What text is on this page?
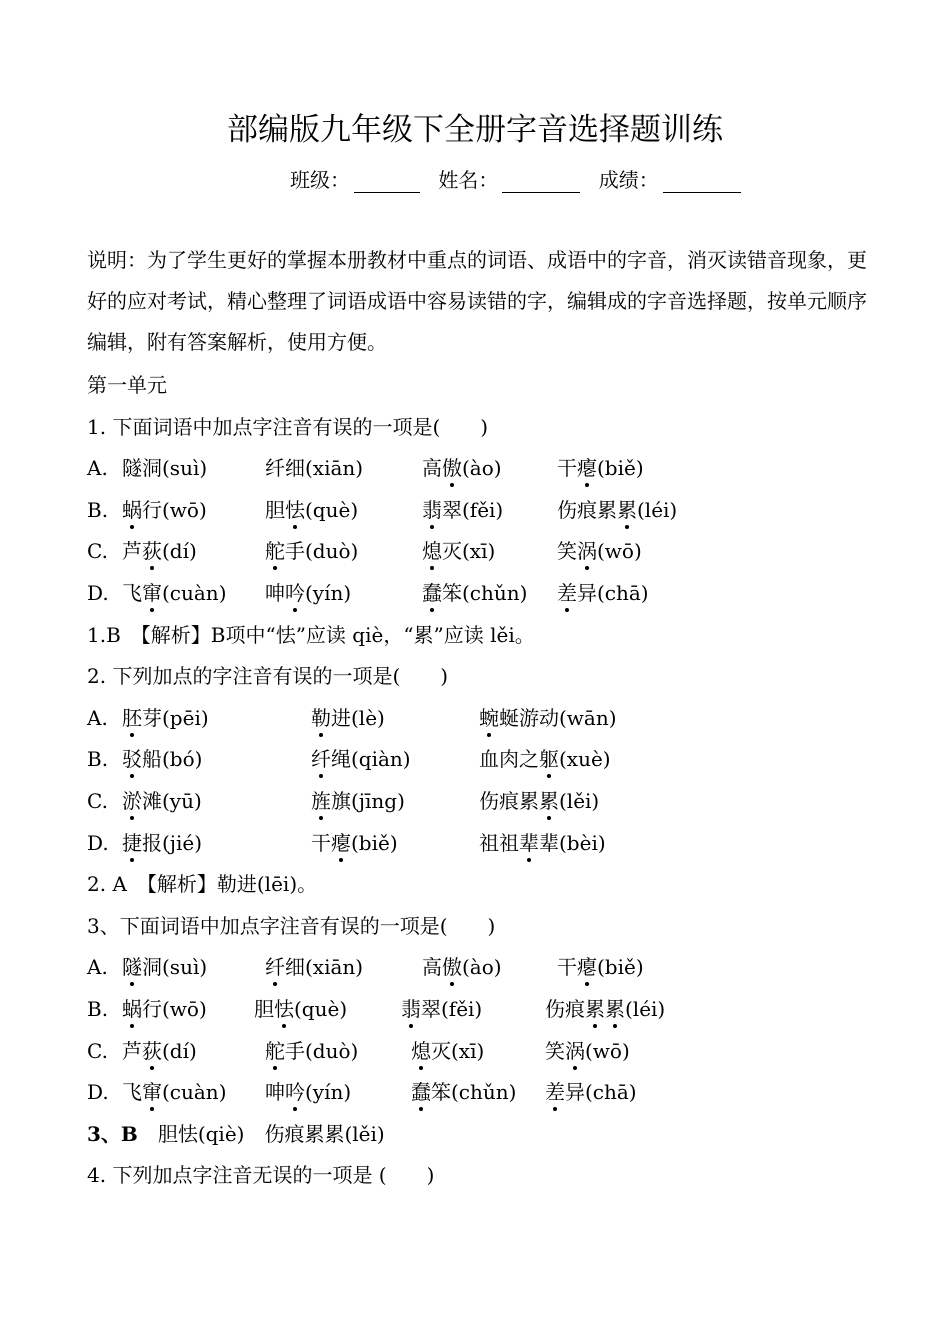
部编版九年级下全册字音选择题训练
班级：	姓名：	成绩：
说明：为了学生更好的掌握本册教材中重点的词语、成语中的字音，消灭读错音现象，更好的应对考试，精心整理了词语成语中容易读错的字，编辑成的字音选择题，按单元顺序编辑，附有答案解析，使用方便。
第一单元
1. 下面词语中加点字注音有误的一项是(　　)
A. 隧洞(suì)	纤细(xiān)	高傲(ào)	干瘪(biě)
B. 蜗行(wō)	胆怯(què)	翡翠(fěi)	伤痕累累(léi)
C. 芦荻(dí)	舵手(duò)	熄灭(xī)	笑涡(wō)
D. 飞窜(cuàn) 呻吟(yín)	蠢笨(chǔn) 差异(chā)
1.B　【解析】B项中“怯”应读 qiè，“累”应读 lěi。
2. 下列加点的字注音有误的一项是(　　)
A. 胚芽(pēi)	勒进(lè)	蜿蜒游动(wān)
B. 驳船(bó)	纤绳(qiàn)	血肉之躯(xuè)
C. 淤滩(yū)	旌旗(jīng)	伤痕累累(lěi)
D. 捷报(jié)	干瘪(biě)	祖祖辈辈(bèi)
2. A　【解析】勒进(lēi)。
3、下面词语中加点字注音有误的一项是(　　)
A. 隧洞(suì)	纤细(xiān)	高傲(ào)	干瘪(biě)
B. 蜗行(wō) 胆怯(què)	翡翠(fěi)	伤痕累累(léi)
C. 芦荻(dí)	舵手(duò)	熄灭(xī)	笑涡(wō)
D. 飞窜(cuàn) 呻吟(yín)	蠢笨(chǔn) 差异(chā)
3、B　胆怯(qiè)　伤痕累累(lěi)
4. 下列加点字注音无误的一项是 (　　)
